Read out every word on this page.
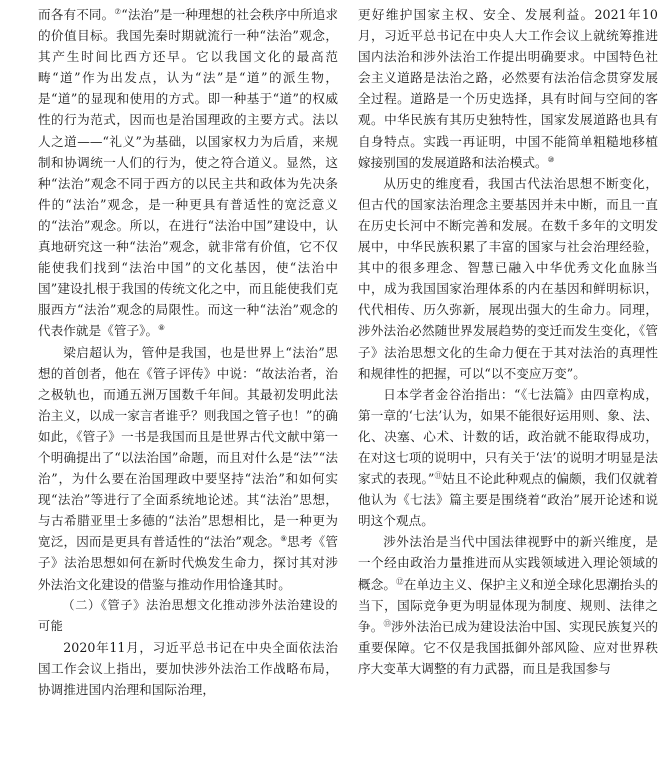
而各有不同。⑦“法治”是一种理想的社会秩序中所追求的价值目标。我国先秦时期就流行一种“法治”观念，其产生时间比西方还早。它以我国文化的最高范畴“道”作为出发点，认为“法”是“道”的派生物，是“道”的显现和使用的方式。即一种基于“道”的权威性的行为范式，因而也是治国理政的主要方式。法以人之道——“礼义”为基础，以国家权力为后盾，来规制和协调统一人们的行为，使之符合道义。显然，这种“法治”观念不同于西方的以民主共和政体为先决条件的“法治”观念，是一种更具有普适性的宽泛意义的“法治”观念。所以，在进行“法治中国”建设中，认真地研究这一种“法治”观念，就非常有价值，它不仅能使我们找到“法治中国”的文化基因，使“法治中国”建设扎根于我国的传统文化之中，而且能使我们克服西方“法治”观念的局限性。而这一种“法治”观念的代表作就是《管子》。⑧

梁启超认为，管仲是我国，也是世界上“法治”思想的首创者，他在《管子评传》中说：“故法治者，治之极轨也，而通五洲万国数千年间。其最初发明此法治主义，以成一家言者谁乎？则我国之管子也！”的确如此，《管子》一书是我国而且是世界古代文献中第一个明确提出了“以法治国”命题，而且对什么是“法”“法治”，为什么要在治国理政中要坚持“法治”和如何实现“法治”等进行了全面系统地论述。其“法治”思想，与古希腊亚里士多德的“法治”思想相比，是一种更为宽泛，因而是更具有普适性的“法治”观念。⑨思考《管子》法治思想如何在新时代焕发生命力，探讨其对涉外法治文化建设的借鉴与推动作用恰逢其时。

（二）《管子》法治思想文化推动涉外法治建设的可能

2020年11月，习近平总书记在中央全面依法治国工作会议上指出，要加快涉外法治工作战略布局，协调推进国内治理和国际治理，

更好维护国家主权、安全、发展利益。2021年10月，习近平总书记在中央人大工作会议上就统筹推进国内法治和涉外法治工作提出明确要求。中国特色社会主义道路是法治之路，必然要有法治信念贯穿发展全过程。道路是一个历史选择，具有时间与空间的客观。中华民族有其历史独特性，国家发展道路也具有自身特点。实践一再证明，中国不能简单粗糙地移植嫁接别国的发展道路和法治模式。⑩

从历史的维度看，我国古代法治思想不断变化，但古代的国家法治理念主要基因并未中断，而且一直在历史长河中不断完善和发展。在数千多年的文明发展中，中华民族积累了丰富的国家与社会治理经验，其中的很多理念、智慧已融入中华优秀文化血脉当中，成为我国国家治理体系的内在基因和鲜明标识，代代相传、历久弥新，展现出强大的生命力。同理，涉外法治必然随世界发展趋势的变迁而发生变化，《管子》法治思想文化的生命力便在于其对法治的真理性和规律性的把握，可以“以不变应万变”。

日本学者金谷治指出：“《七法篇》由四章构成，第一章的‘七法’认为，如果不能很好运用则、象、法、化、决塞、心术、计数的话，政治就不能取得成功，在对这七项的说明中，只有关于‘法’的说明才明显是法家式的表现。”⑪姑且不论此种观点的偏颇，我们仅就着他认为《七法》篇主要是围绕着“政治”展开论述和说明这个观点。

涉外法治是当代中国法律视野中的新兴维度，是一个经由政治力量推进而从实践领域进入理论领域的概念。⑫在单边主义、保护主义和逆全球化思潮抬头的当下，国际竞争更为明显体现为制度、规则、法律之争。⑬涉外法治已成为建设法治中国、实现民族复兴的重要保障。它不仅是我国抵御外部风险、应对世界秩序大变革大调整的有力武器，而且是我国参与
